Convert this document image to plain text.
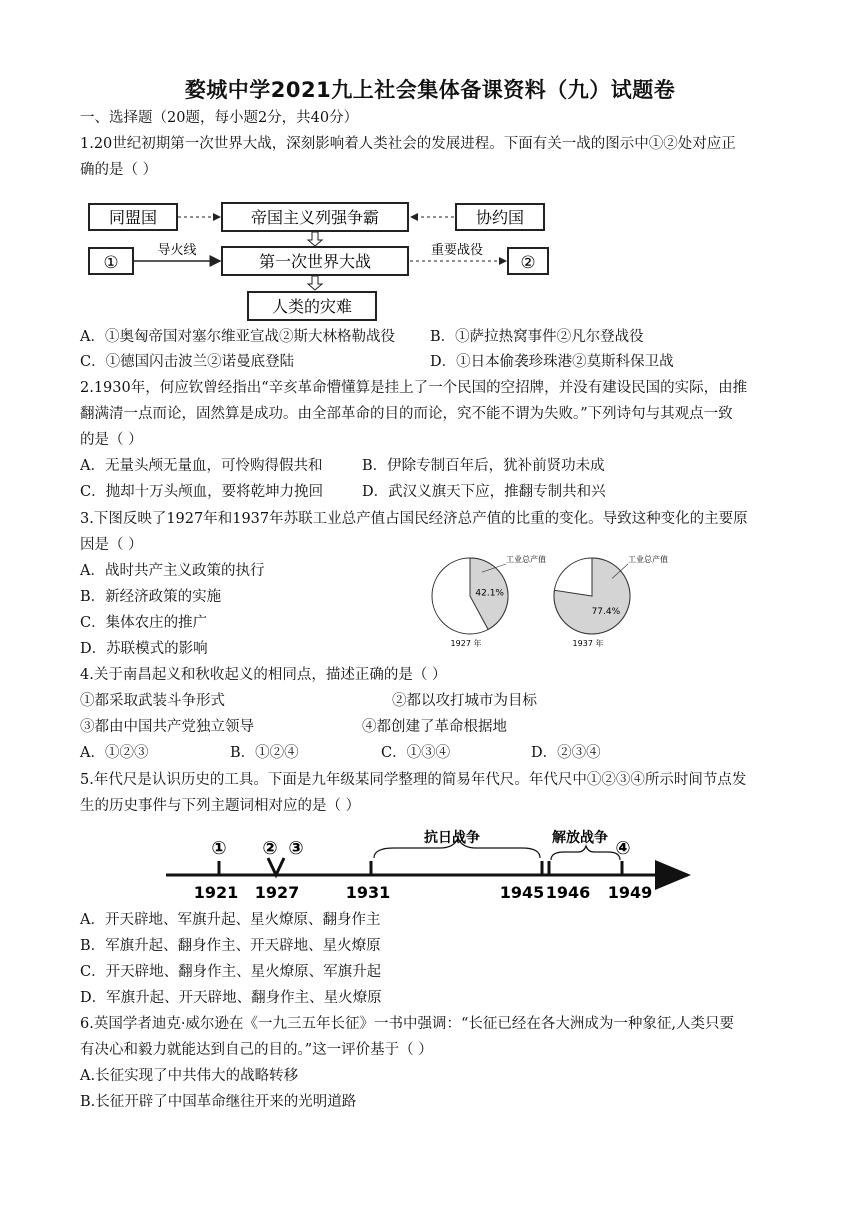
婺城中学2021九上社会集体备课资料（九）试题卷
一、选择题（20题，每小题2分，共40分）
1.20世纪初期第一次世界大战，深刻影响着人类社会的发展进程。下面有关一战的图示中①②处对应正
确的是（ ）
同盟国	帝国主义列强争霸	协约国
①
导火线
第一次世界大战
重要战役
②
人类的灾难
A．①奥匈帝国对塞尔维亚宣战②斯大林格勒战役 B．①萨拉热窝事件②凡尔登战役
C．①德国闪击波兰②诺曼底登陆	D．①日本偷袭珍珠港②莫斯科保卫战
2.1930年，何应钦曾经指出“辛亥革命懵懂算是挂上了一个民国的空招牌，并没有建设民国的实际，由推
翻满清一点而论，固然算是成功。由全部革命的目的而论，究不能不谓为失败。”下列诗句与其观点一致
的是（ ）
A．无量头颅无量血，可怜购得假共和	B．伊除专制百年后，犹补前贤功未成
C．抛却十万头颅血，要将乾坤力挽回	D．武汉义旗天下应，推翻专制共和兴
3.下图反映了1927年和1937年苏联工业总产值占国民经济总产值的比重的变化。导致这种变化的主要原
因是（ ）
A．战时共产主义政策的执行
B．新经济政策的实施
C．集体农庄的推广
D．苏联模式的影响
42.1%
工业总产值
1927 年
77.4%
工业总产值
1937 年
4.关于南昌起义和秋收起义的相同点，描述正确的是（ ）
①都采取武装斗争形式	②都以攻打城市为目标
③都由中国共产党独立领导	④都创建了革命根据地
A．①②③	B．①②④	C．①③④	D．②③④
5.年代尺是认识历史的工具。下面是九年级某同学整理的简易年代尺。年代尺中①②③④所示时间节点发
生的历史事件与下列主题词相对应的是（ ）
① ② ③	④
抗日战争	解放战争
1921 1927	1931	1945 1946 1949
A．开天辟地、军旗升起、星火燎原、翻身作主
B．军旗升起、翻身作主、开天辟地、星火燎原
C．开天辟地、翻身作主、星火燎原、军旗升起
D．军旗升起、开天辟地、翻身作主、星火燎原
6.英国学者迪克·威尔逊在《一九三五年长征》一书中强调：“长征已经在各大洲成为一种象征,人类只要
有决心和毅力就能达到自己的目的。”这一评价基于（ ）
A.长征实现了中共伟大的战略转移
B.长征开辟了中国革命继往开来的光明道路
